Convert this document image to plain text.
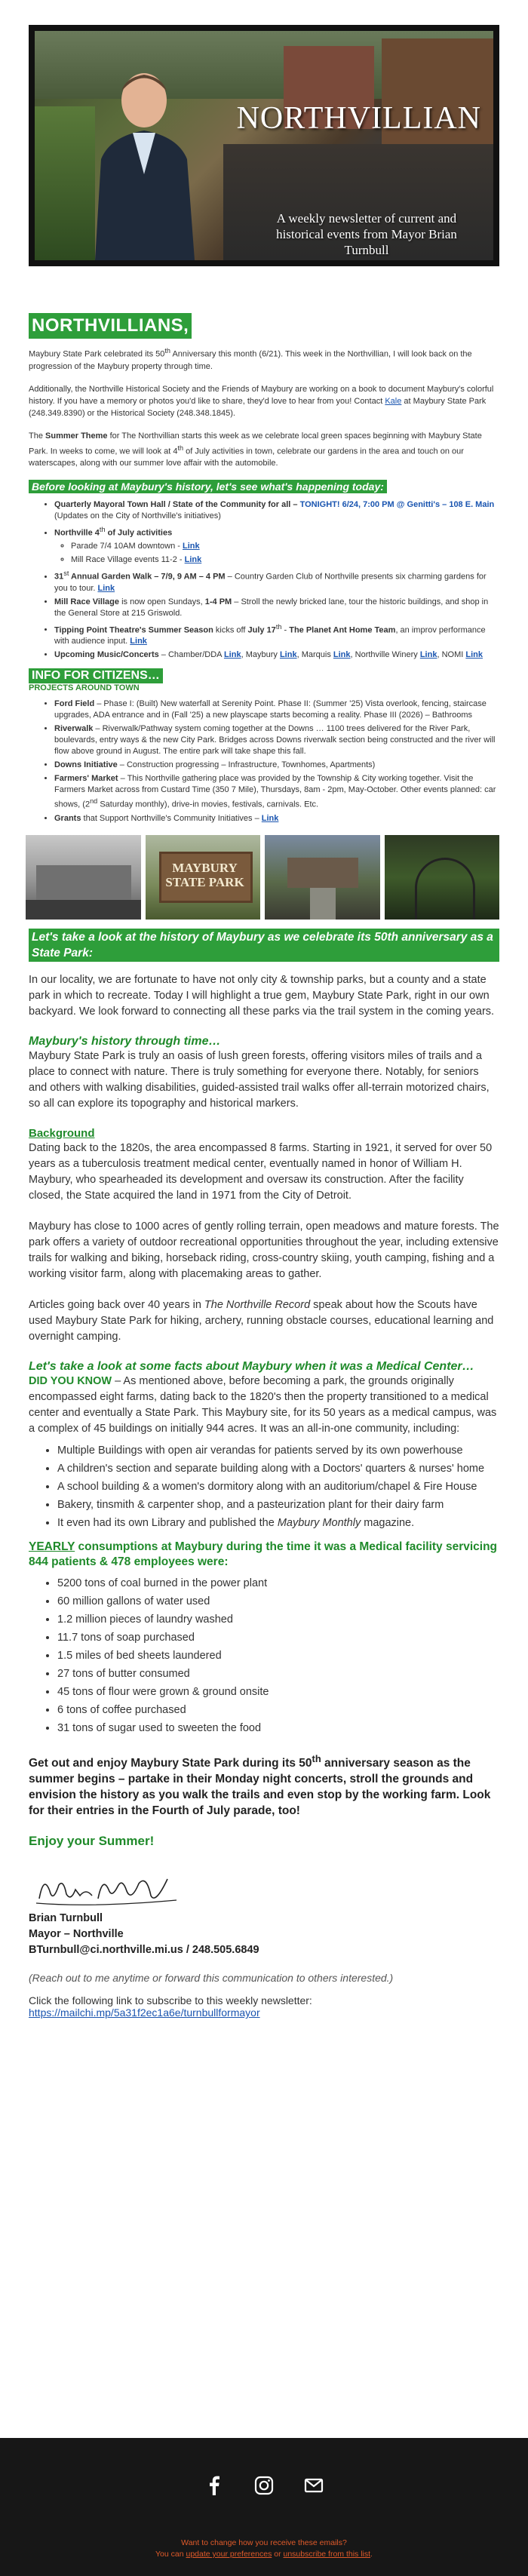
NORTHVILLIAN
A weekly newsletter of current and historical events from Mayor Brian Turnbull
NORTHVILLIANS,

Maybury State Park celebrated its 50th Anniversary this month (6/21). This week in the Northvillian, I will look back on the progression of the Maybury property through time.

Additionally, the Northville Historical Society and the Friends of Maybury are working on a book to document Maybury's colorful history. If you have a memory or photos you'd like to share, they'd love to hear from you! Contact Kale at Maybury State Park (248.349.8390) or the Historical Society (248.348.1845).

The Summer Theme for The Northvillian starts this week as we celebrate local green spaces beginning with Maybury State Park. In weeks to come, we will look at 4th of July activities in town, celebrate our gardens in the area and touch on our waterscapes, along with our summer love affair with the automobile.

Before looking at Maybury's history, let's see what's happening today:
• Quarterly Mayoral Town Hall / State of the Community for all – TONIGHT! 6/24, 7:00 PM @ Genitti's – 108 E. Main (Updates on the City of Northville's initiatives)
• Northville 4th of July activities
◦ Parade 7/4 10AM downtown - Link
◦ Mill Race Village events 11-2 - Link
• 31st Annual Garden Walk – 7/9, 9 AM – 4 PM – Country Garden Club of Northville presents six charming gardens for you to tour. Link
• Mill Race Village is now open Sundays, 1-4 PM – Stroll the newly bricked lane, tour the historic buildings, and shop in the General Store at 215 Griswold.
• Tipping Point Theatre's Summer Season kicks off July 17th - The Planet Ant Home Team, an improv performance with audience input. Link
• Upcoming Music/Concerts – Chamber/DDA Link, Maybury Link, Marquis Link, Northville Winery Link, NOMI Link
INFO FOR CITIZENS…

PROJECTS AROUND TOWN

• Ford Field – Phase I: (Built) New waterfall at Serenity Point. Phase II: (Summer '25) Vista overlook, fencing, staircase upgrades, ADA entrance and in (Fall '25) a new playscape starts becoming a reality. Phase III (2026) – Bathrooms
• Riverwalk – Riverwalk/Pathway system coming together at the Downs … 1100 trees delivered for the River Park, boulevards, entry ways & the new City Park. Bridges across Downs riverwalk section being constructed and the river will flow above ground in August. The entire park will take shape this fall.
• Downs Initiative – Construction progressing – Infrastructure, Townhomes, Apartments)
• Farmers' Market – This Northville gathering place was provided by the Township & City working together. Visit the Farmers Market across from Custard Time (350 7 Mile), Thursdays, 8am - 2pm, May-October. Other events planned: car shows, (2nd Saturday monthly), drive-in movies, festivals, carnivals. Etc.
• Grants that Support Northville's Community Initiatives – Link
MAYBURY
STATE PARK
Let's take a look at the history of Maybury as we celebrate its 50th anniversary as a State Park:

In our locality, we are fortunate to have not only city & township parks, but a county and a state park in which to recreate. Today I will highlight a true gem, Maybury State Park, right in our own backyard. We look forward to connecting all these parks via the trail system in the coming years.

Maybury's history through time…

Maybury State Park is truly an oasis of lush green forests, offering visitors miles of trails and a place to connect with nature. There is truly something for everyone there. Notably, for seniors and others with walking disabilities, guided-assisted trail walks offer all-terrain motorized chairs, so all can explore its topography and historical markers.

Background

Dating back to the 1820s, the area encompassed 8 farms. Starting in 1921, it served for over 50 years as a tuberculosis treatment medical center, eventually named in honor of William H. Maybury, who spearheaded its development and oversaw its construction. After the facility closed, the State acquired the land in 1971 from the City of Detroit.

Maybury has close to 1000 acres of gently rolling terrain, open meadows and mature forests. The park offers a variety of outdoor recreational opportunities throughout the year, including extensive trails for walking and biking, horseback riding, cross-country skiing, youth camping, fishing and a working visitor farm, along with placemaking areas to gather.

Articles going back over 40 years in The Northville Record speak about how the Scouts have used Maybury State Park for hiking, archery, running obstacle courses, educational learning and overnight camping.

Let's take a look at some facts about Maybury when it was a Medical Center…

DID YOU KNOW – As mentioned above, before becoming a park, the grounds originally encompassed eight farms, dating back to the 1820's then the property transitioned to a medical center and eventually a State Park. This Maybury site, for its 50 years as a medical campus, was a complex of 45 buildings on initially 944 acres. It was an all-in-one community, including:

• Multiple Buildings with open air verandas for patients served by its own powerhouse
• A children's section and separate building along with a Doctors' quarters & nurses' home
• A school building & a women's dormitory along with an auditorium/chapel & Fire House
• Bakery, tinsmith & carpenter shop, and a pasteurization plant for their dairy farm
• It even had its own Library and published the Maybury Monthly magazine.

YEARLY consumptions at Maybury during the time it was a Medical facility servicing 844 patients & 478 employees were:

• 5200 tons of coal burned in the power plant
• 60 million gallons of water used
• 1.2 million pieces of laundry washed
• 11.7 tons of soap purchased
• 1.5 miles of bed sheets laundered
• 27 tons of butter consumed
• 45 tons of flour were grown & ground onsite
• 6 tons of coffee purchased
• 31 tons of sugar used to sweeten the food

Get out and enjoy Maybury State Park during its 50th anniversary season as the summer begins – partake in their Monday night concerts, stroll the grounds and envision the history as you walk the trails and even stop by the working farm. Look for their entries in the Fourth of July parade, too!

Enjoy your Summer!

Brian Turnbull
Mayor – Northville
BTurnbull@ci.northville.mi.us / 248.505.6849

(Reach out to me anytime or forward this communication to others interested.)

Click the following link to subscribe to this weekly newsletter:

https://mailchi.mp/5a31f2ec1a6e/turnbullformayor
Want to change how you receive these emails?
You can update your preferences or unsubscribe from this list.
